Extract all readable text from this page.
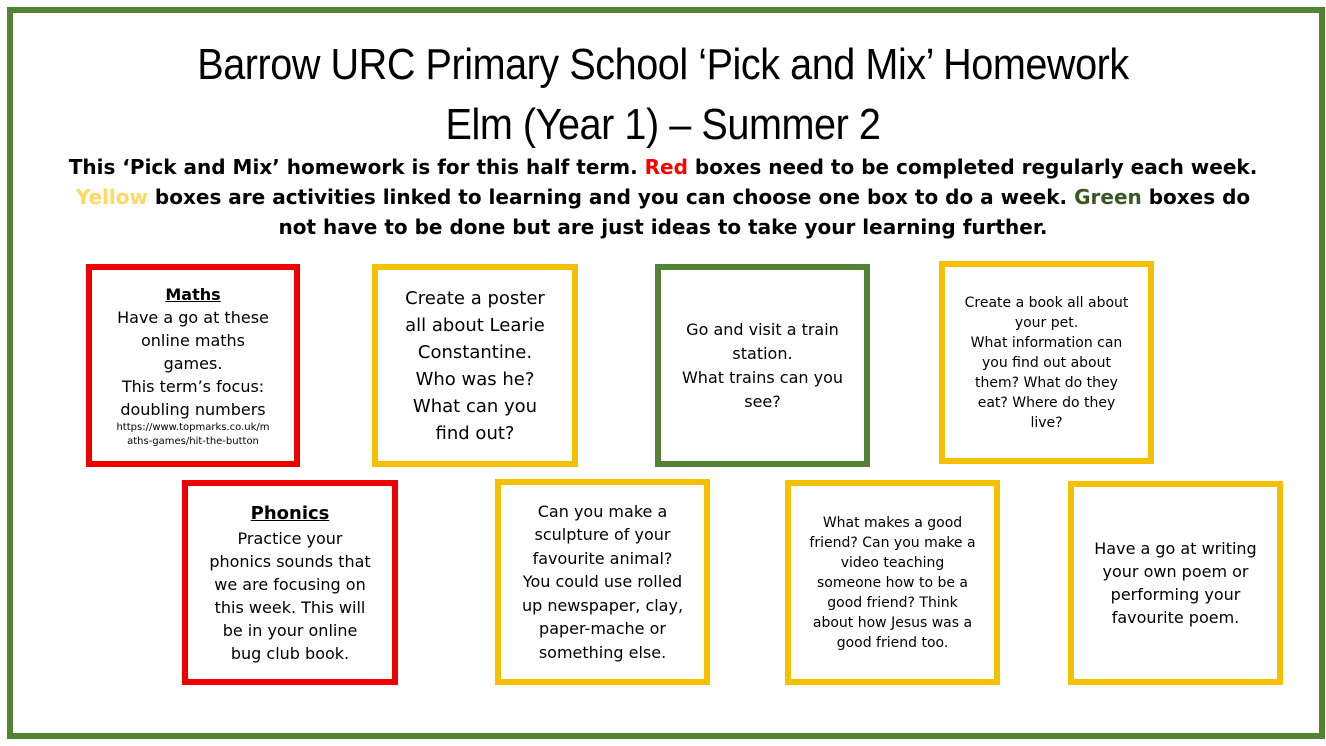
Barrow URC Primary School ‘Pick and Mix’ Homework
Elm (Year 1) – Summer 2
This ‘Pick and Mix’ homework is for this half term. Red boxes need to be completed regularly each week. Yellow boxes are activities linked to learning and you can choose one box to do a week. Green boxes do not have to be done but are just ideas to take your learning further.
Maths
Have a go at these
online maths
games.
This term’s focus:
doubling numbers
https://www.topmarks.co.uk/m
aths-games/hit-the-button
Create a poster
all about Learie
Constantine.
Who was he?
What can you
find out?
Go and visit a train
station.
What trains can you
see?
Create a book all about
your pet.
What information can
you find out about
them? What do they
eat? Where do they
live?
Phonics
Practice your
phonics sounds that
we are focusing on
this week. This will
be in your online
bug club book.
Can you make a
sculpture of your
favourite animal?
You could use rolled
up newspaper, clay,
paper-mache or
something else.
What makes a good
friend? Can you make a
video teaching
someone how to be a
good friend? Think
about how Jesus was a
good friend too.
Have a go at writing
your own poem or
performing your
favourite poem.
